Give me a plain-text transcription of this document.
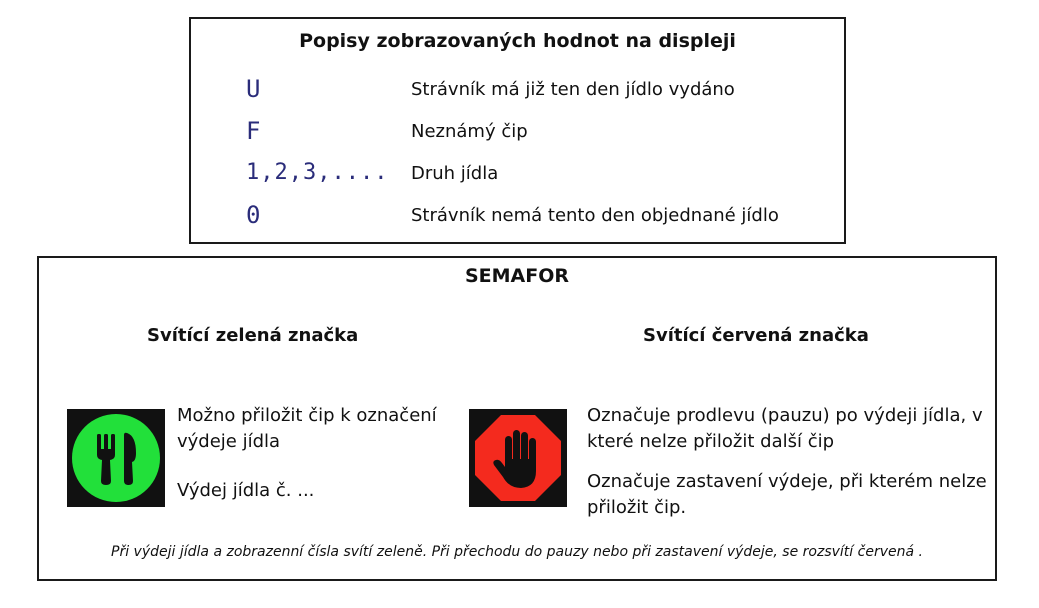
Popisy zobrazovaných hodnot na displeji
U	Strávník má již ten den jídlo vydáno
F	Neznámý čip
1,2,3,.... Druh jídla
0	Strávník nemá tento den objednané jídlo
SEMAFOR
Svítící zelená značka	Svítící červená značka
Možno přiložit čip k označení výdeje jídla
Výdej jídla č. ...
Označuje prodlevu (pauzu) po výdeji jídla, v které nelze přiložit další čip
Označuje zastavení výdeje, při kterém nelze přiložit čip.
Při výdeji jídla a zobrazenní čísla svítí zeleně. Při přechodu do pauzy nebo při zastavení výdeje, se rozsvítí červená .
